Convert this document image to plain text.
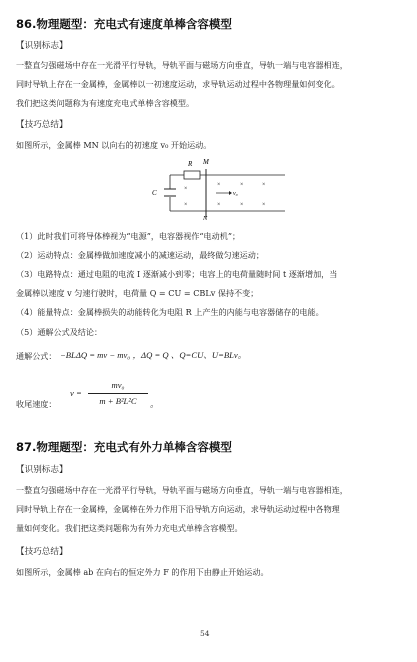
86.物理题型：充电式有速度单棒含容模型
【识别标志】
一整直匀强磁场中存在一光滑平行导轨，导轨平面与磁场方向垂直，导轨一端与电容器相连，
同时导轨上存在一金属棒，金属棒以一初速度运动，求导轨运动过程中各物理量如何变化。
我们把这类问题称为有速度充电式单棒含容模型。
【技巧总结】
如图所示，金属棒 MN 以向右的初速度 v₀ 开始运动。
R M
C
N
v₀
×
×
×
×
×
×
×
×
（1）此时我们可将导体棒视为“电源”，电容器视作“电动机”；
（2）运动特点：金属棒做加速度减小的减速运动，最终做匀速运动；
（3）电路特点：通过电阻的电流 I 逐渐减小到零；电容上的电荷量随时间 t 逐渐增加，当
金属棒以速度 v 匀速行驶时，电荷量 Q = CU = CBLv 保持不变；
（4）能量特点：金属棒损失的动能转化为电阻 R 上产生的内能与电容器储存的电能。
（5）通解公式及结论：
通解公式： −BLΔQ = mv − mv₀ ，ΔQ = Q 、Q=CU、U=BLv。
收尾速度：
v =
mv₀
m + B²L²C	。
87.物理题型：充电式有外力单棒含容模型
【识别标志】
一整直匀强磁场中存在一光滑平行导轨，导轨平面与磁场方向垂直，导轨一端与电容器相连，
同时导轨上存在一金属棒，金属棒在外力作用下沿导轨方向运动，求导轨运动过程中各物理
量如何变化。我们把这类问题称为有外力充电式单棒含容模型。
【技巧总结】
如图所示，金属棒 ab 在向右的恒定外力 F 的作用下由静止开始运动。
54
